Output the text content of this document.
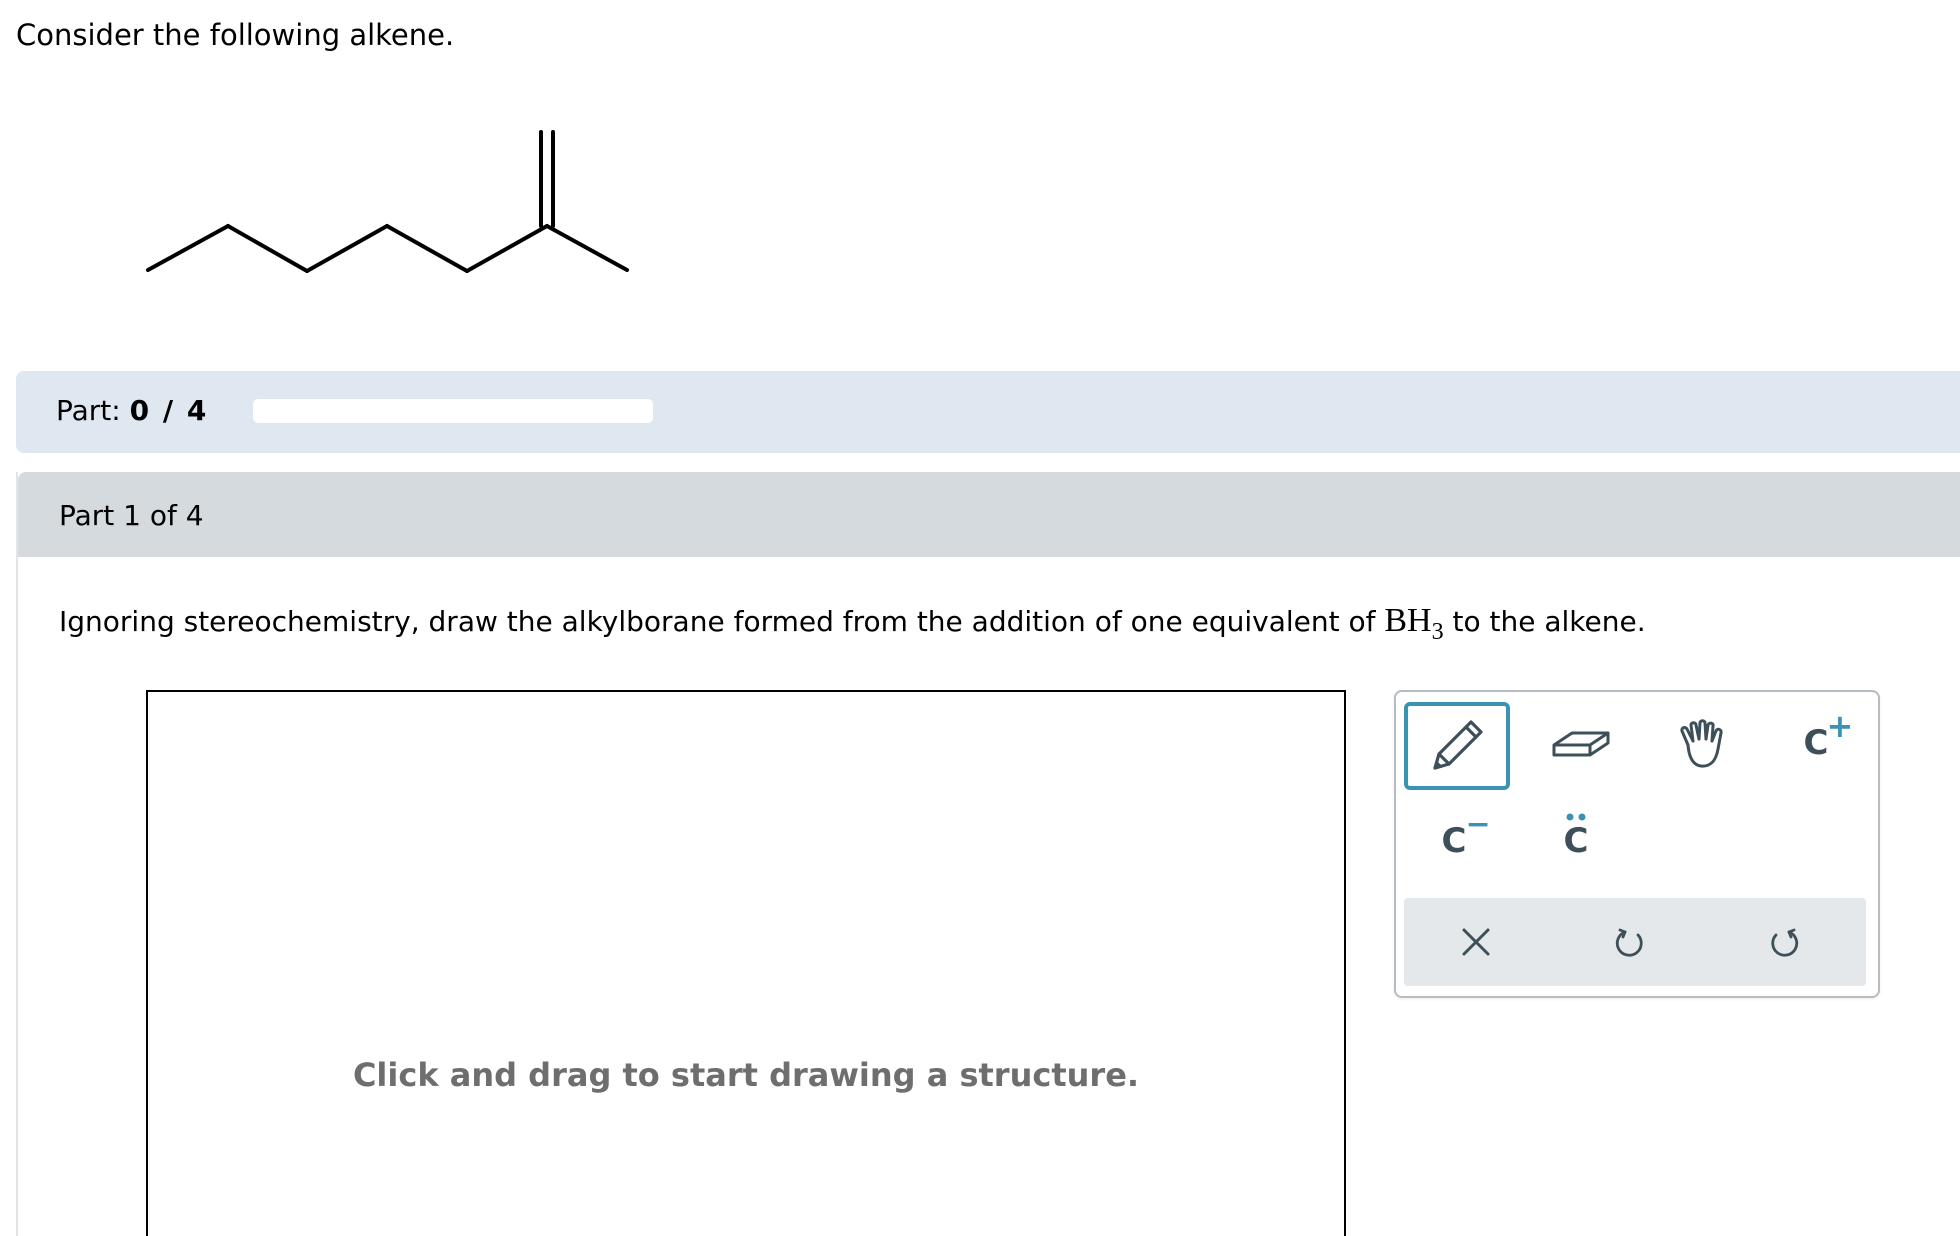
Consider the following alkene.
Part: 0 / 4
Part 1 of 4
Ignoring stereochemistry, draw the alkylborane formed from the addition of one equivalent of $BH_3$ to the alkene.
Click and drag to start drawing a structure.
C
+
C − C
